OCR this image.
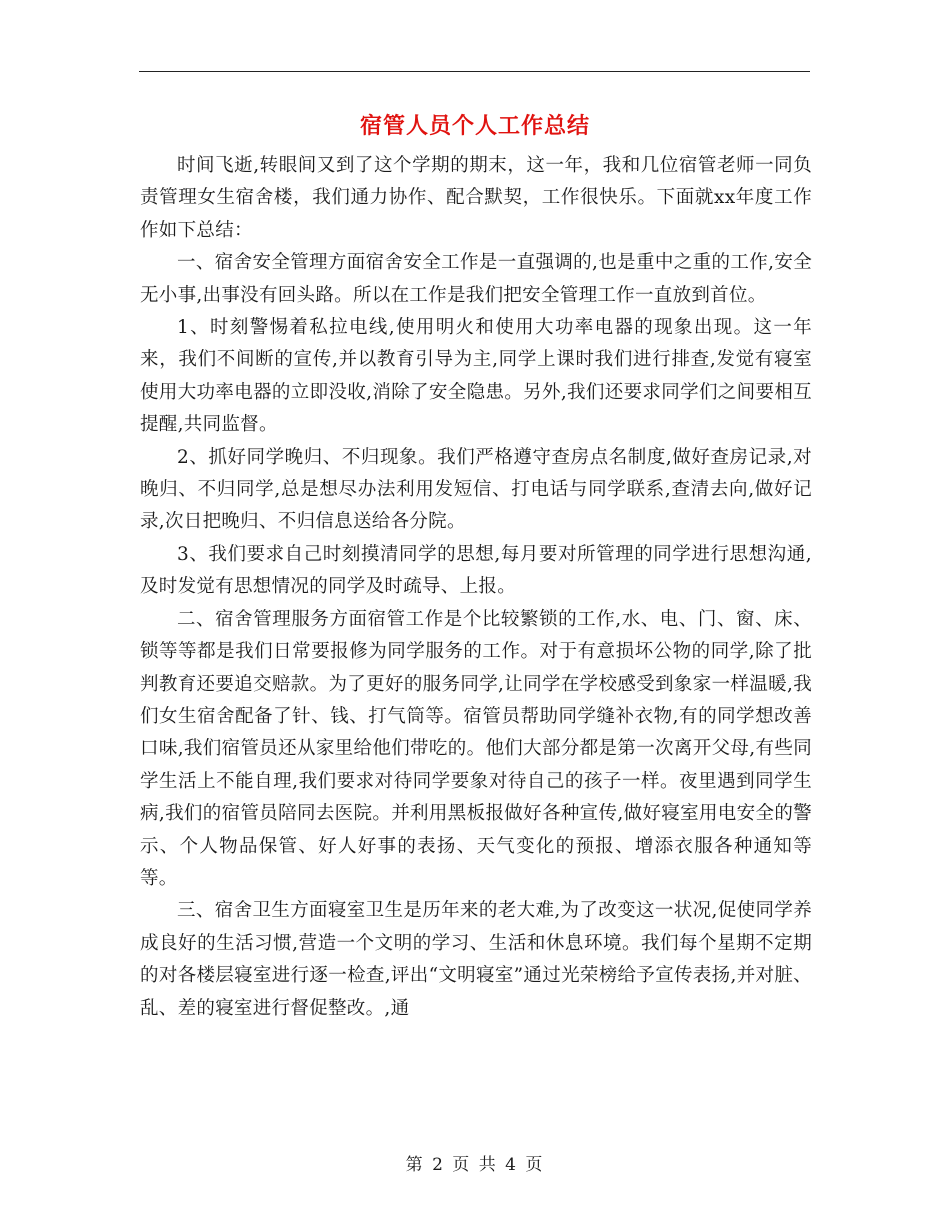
宿管人员个人工作总结

时间飞逝,转眼间又到了这个学期的期末，这一年，我和几位宿管老师一同负责管理女生宿舍楼，我们通力协作、配合默契，工作很快乐。下面就xx年度工作作如下总结：

一、宿舍安全管理方面宿舍安全工作是一直强调的,也是重中之重的工作,安全无小事,出事没有回头路。所以在工作是我们把安全管理工作一直放到首位。

1、时刻警惕着私拉电线,使用明火和使用大功率电器的现象出现。这一年来，我们不间断的宣传,并以教育引导为主,同学上课时我们进行排查,发觉有寝室使用大功率电器的立即没收,消除了安全隐患。另外,我们还要求同学们之间要相互提醒,共同监督。

2、抓好同学晚归、不归现象。我们严格遵守查房点名制度,做好查房记录,对晚归、不归同学,总是想尽办法利用发短信、打电话与同学联系,查清去向,做好记录,次日把晚归、不归信息送给各分院。

3、我们要求自己时刻摸清同学的思想,每月要对所管理的同学进行思想沟通,及时发觉有思想情况的同学及时疏导、上报。

二、宿舍管理服务方面宿管工作是个比较繁锁的工作,水、电、门、窗、床、锁等等都是我们日常要报修为同学服务的工作。对于有意损坏公物的同学,除了批判教育还要追交赔款。为了更好的服务同学,让同学在学校感受到象家一样温暖,我们女生宿舍配备了针、钱、打气筒等。宿管员帮助同学缝补衣物,有的同学想改善口味,我们宿管员还从家里给他们带吃的。他们大部分都是第一次离开父母,有些同学生活上不能自理,我们要求对待同学要象对待自己的孩子一样。夜里遇到同学生病,我们的宿管员陪同去医院。并利用黑板报做好各种宣传,做好寝室用电安全的警示、个人物品保管、好人好事的表扬、天气变化的预报、增添衣服各种通知等等。

三、宿舍卫生方面寝室卫生是历年来的老大难,为了改变这一状况,促使同学养成良好的生活习惯,营造一个文明的学习、生活和休息环境。我们每个星期不定期的对各楼层寝室进行逐一检查,评出“文明寝室”通过光荣榜给予宣传表扬,并对脏、乱、差的寝室进行督促整改。,通

第 2 页 共 4 页
